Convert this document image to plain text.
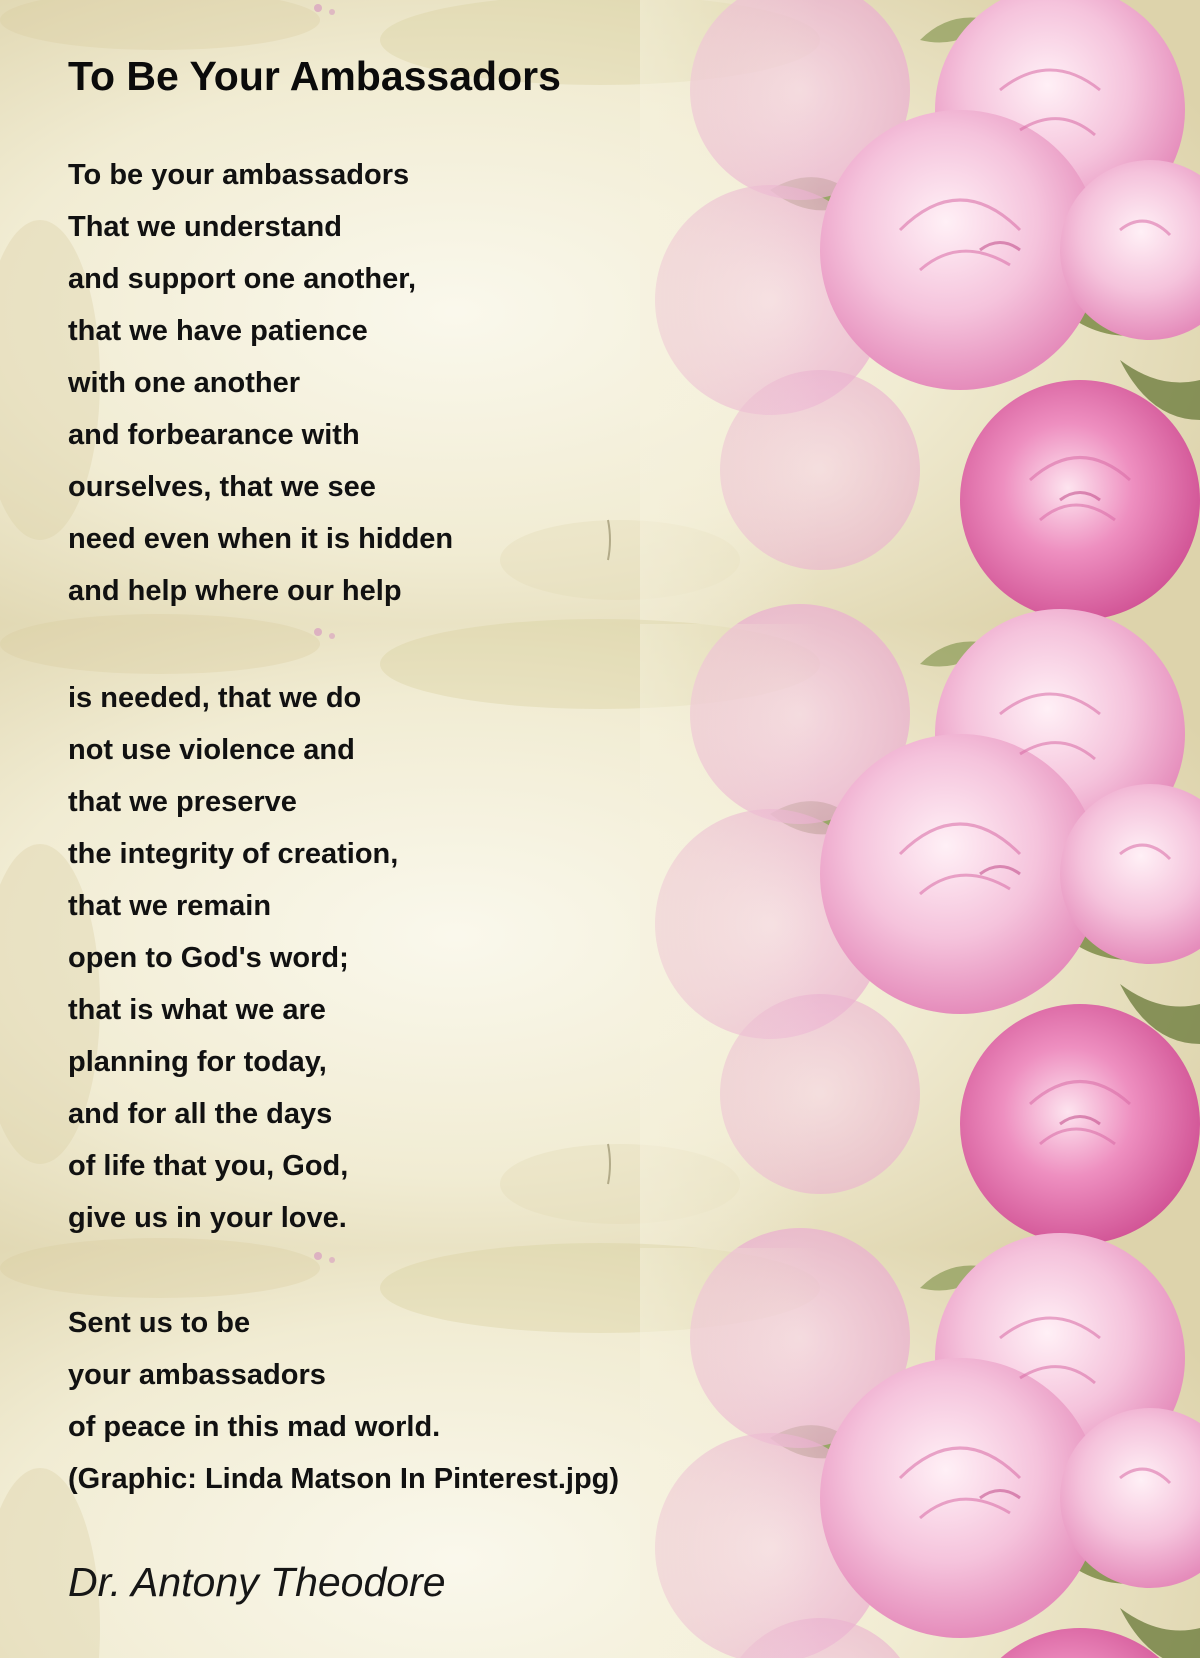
To Be Your Ambassadors
To be your ambassadors
That we understand
and support one another,
that we have patience
with one another
and forbearance with
ourselves, that we see
need even when it is hidden
and help where our help
is needed, that we do
not use violence and
that we preserve
the integrity of creation,
that we remain
open to God's word;
that is what we are
planning for today,
and for all the days
of life that you, God,
give us in your love.
Sent us to be
your ambassadors
of peace in this mad world.
(Graphic: Linda Matson In Pinterest.jpg)

Dr. Antony Theodore
